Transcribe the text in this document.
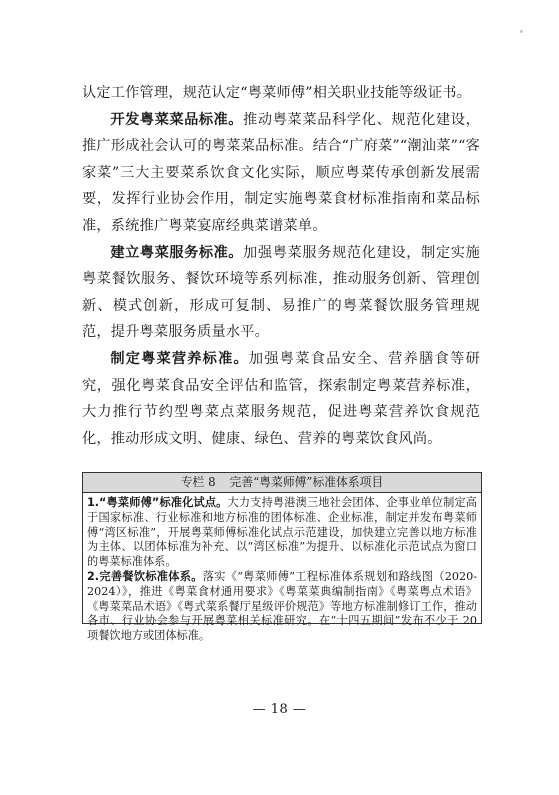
认定工作管理，规范认定“粤菜师傅”相关职业技能等级证书。

开发粤菜菜品标准。推动粤菜菜品科学化、规范化建设，推广形成社会认可的粤菜菜品标准。结合“广府菜”“潮汕菜”“客家菜”三大主要菜系饮食文化实际，顺应粤菜传承创新发展需要，发挥行业协会作用，制定实施粤菜食材标准指南和菜品标准，系统推广粤菜宴席经典菜谱菜单。

建立粤菜服务标准。加强粤菜服务规范化建设，制定实施粤菜餐饮服务、餐饮环境等系列标准，推动服务创新、管理创新、模式创新，形成可复制、易推广的粤菜餐饮服务管理规范，提升粤菜服务质量水平。

制定粤菜营养标准。加强粤菜食品安全、营养膳食等研究，强化粤菜食品安全评估和监管，探索制定粤菜营养标准，大力推行节约型粤菜点菜服务规范，促进粤菜营养饮食规范化，推动形成文明、健康、绿色、营养的粤菜饮食风尚。

专栏 8 完善“粤菜师傅”标准体系项目

1.“粤菜师傅”标准化试点。大力支持粤港澳三地社会团体、企事业单位制定高于国家标准、行业标准和地方标准的团体标准、企业标准，制定并发布粤菜师傅“湾区标准”，开展粤菜师傅标准化试点示范建设，加快建立完善以地方标准为主体、以团体标准为补充、以“湾区标准”为提升、以标准化示范试点为窗口的粤菜标准体系。

2.完善餐饮标准体系。落实《“粤菜师傅”工程标准体系规划和路线图（2020-2024）》，推进《粤菜食材通用要求》《粤菜菜典编制指南》《粤菜粤点术语》《粤菜菜品术语》《粤式菜系餐厅星级评价规范》等地方标准制修订工作，推动各市、行业协会参与开展粤菜相关标准研究。在“十四五期间”发布不少于 20 项餐饮地方或团体标准。

— 18 —
